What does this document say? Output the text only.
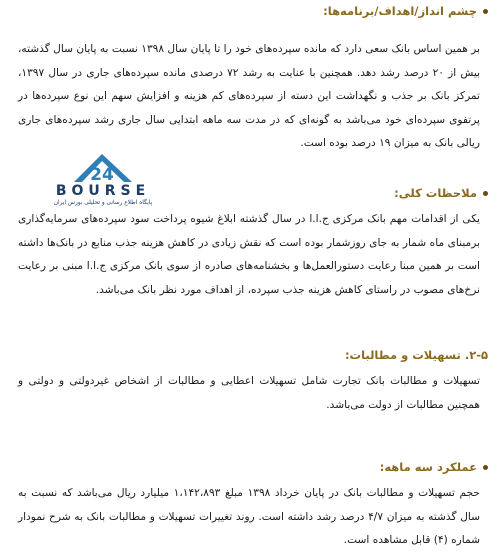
چشم انداز/اهداف/برنامه‌ها:
بر همین اساس بانک سعی دارد که مانده سپرده‌های خود را تا پایان سال ۱۳۹۸ نسبت به پایان سال گذشته، بیش از ۲۰ درصد رشد دهد. همچنین با عنایت به رشد ۷۲ درصدی مانده سپرده‌های جاری در سال ۱۳۹۷، تمرکز بانک بر جذب و نگهداشت این دسته از سپرده‌های کم هزینه و افزایش سهم این نوع سپرده‌ها در پرتفوی سپرده‌ای خود می‌باشد به گونه‌ای که در مدت سه ماهه ابتدایی سال جاری رشد سپرده‌های جاری ریالی بانک به میزان ۱۹ درصد بوده است.
24
BOURSE
پایگاه اطلاع رسانی و تحلیلی بورس ایران
ملاحظات کلی:
یکی از اقدامات مهم بانک مرکزی ج.ا.ا در سال گذشته ابلاغ شیوه پرداخت سود سپرده‌های سرمایه‌گذاری برمبنای ماه شمار به جای روزشمار بوده است که نقش زیادی در کاهش هزینه جذب منابع در بانک‌ها داشته است بر همین مبنا رعایت دستورالعمل‌ها و بخشنامه‌های صادره از سوی بانک مرکزی ج.ا.ا مبنی بر رعایت نرخ‌های مصوب در راستای کاهش هزینه جذب سپرده، از اهداف مورد نظر بانک می‌باشد.
۲-۵. تسهیلات و مطالبات:
تسهیلات و مطالبات بانک تجارت شامل تسهیلات اعطایی و مطالبات از اشخاص غیردولتی و دولتی و همچنین مطالبات از دولت می‌باشد.
عملکرد سه ماهه:
حجم تسهیلات و مطالبات بانک در پایان خرداد ۱۳۹۸ مبلغ ۱،۱۴۲،۸۹۳ میلیارد ریال می‌باشد که نسبت به سال گذشته به میزان ۴/۷ درصد رشد داشته است. روند تغییرات تسهیلات و مطالبات بانک به شرح نمودار شماره (۴) قابل مشاهده است.
